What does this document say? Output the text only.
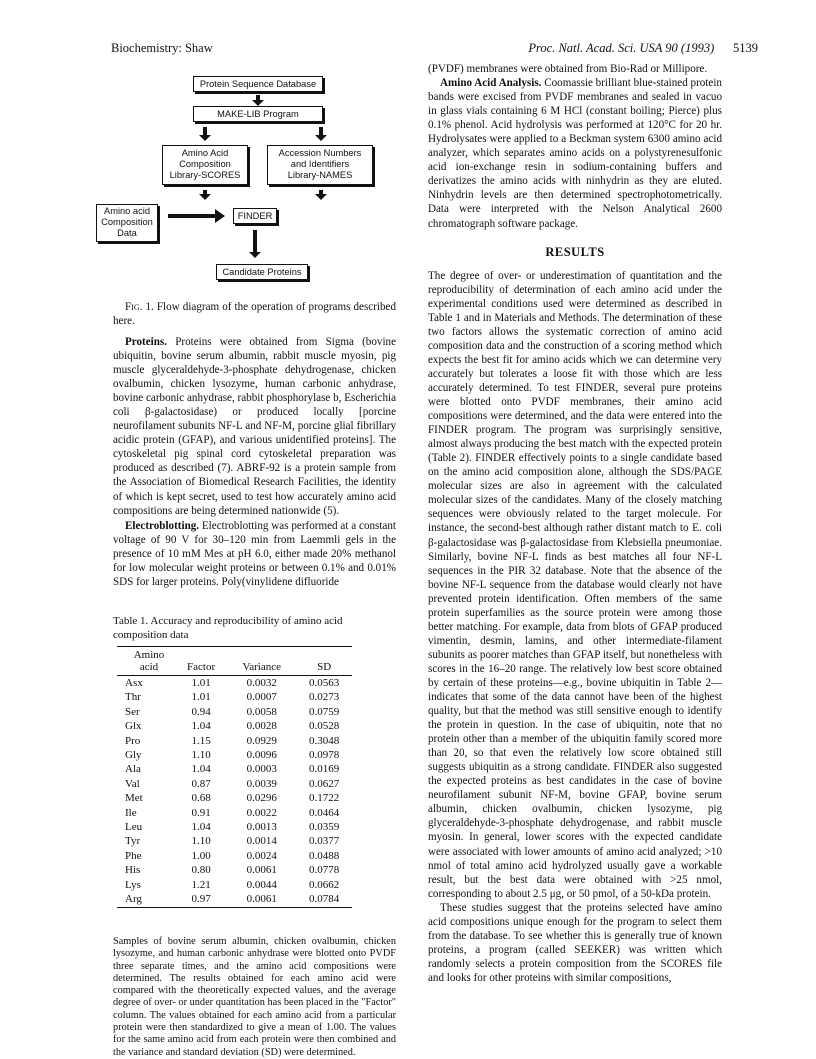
Biochemistry: Shaw	Proc. Natl. Acad. Sci. USA 90 (1993) 5139
Protein Sequence Database
MAKE-LIB Program
Amino Acid
Composition
Library-SCORES
Accession Numbers
and Identifiers
Library-NAMES
Amino acid
Composition
Data
FINDER
Candidate Proteins

Fig. 1. Flow diagram of the operation of programs described here.

Proteins. Proteins were obtained from Sigma (bovine ubiquitin, bovine serum albumin, rabbit muscle myosin, pig muscle glyceraldehyde-3-phosphate dehydrogenase, chicken ovalbumin, chicken lysozyme, human carbonic anhydrase, bovine carbonic anhydrase, rabbit phosphorylase b, Escherichia coli β-galactosidase) or produced locally [porcine neurofilament subunits NF-L and NF-M, porcine glial fibrillary acidic protein (GFAP), and various unidentified proteins]. The cytoskeletal pig spinal cord cytoskeletal preparation was produced as described (7). ABRF-92 is a protein sample from the Association of Biomedical Research Facilities, the identity of which is kept secret, used to test how accurately amino acid compositions are being determined nationwide (5).

Electroblotting. Electroblotting was performed at a constant voltage of 90 V for 30–120 min from Laemmli gels in the presence of 10 mM Mes at pH 6.0, either made 20% methanol for low molecular weight proteins or between 0.1% and 0.01% SDS for larger proteins. Poly(vinylidene difluoride

Table 1. Accuracy and reproducibility of amino acid composition data
Amino acid	Factor	Variance	SD
Asx	1.01	0.0032	0.0563
Thr	1.01	0.0007	0.0273
Ser	0.94	0.0058	0.0759
Glx	1.04	0.0028	0.0528
Pro	1.15	0.0929	0.3048
Gly	1.10	0.0096	0.0978
Ala	1.04	0.0003	0.0169
Val	0.87	0.0039	0.0627
Met	0.68	0.0296	0.1722
Ile	0.91	0.0022	0.0464
Leu	1.04	0.0013	0.0359
Tyr	1.10	0.0014	0.0377
Phe	1.00	0.0024	0.0488
His	0.80	0.0061	0.0778
Lys	1.21	0.0044	0.0662
Arg	0.97	0.0061	0.0784

Samples of bovine serum albumin, chicken ovalbumin, chicken lysozyme, and human carbonic anhydrase were blotted onto PVDF three separate times, and the amino acid compositions were determined. The results obtained for each amino acid were compared with the theoretically expected values, and the average degree of over- or under quantitation has been placed in the "Factor" column. The values obtained for each amino acid from a particular protein were then standardized to give a mean of 1.00. The values for the same amino acid from each protein were then combined and the variance and standard deviation (SD) were determined.

(PVDF) membranes were obtained from Bio-Rad or Millipore.

Amino Acid Analysis. Coomassie brilliant blue-stained protein bands were excised from PVDF membranes and sealed in vacuo in glass vials containing 6 M HCl (constant boiling; Pierce) plus 0.1% phenol. Acid hydrolysis was performed at 120°C for 20 hr. Hydrolysates were applied to a Beckman system 6300 amino acid analyzer, which separates amino acids on a polystyrenesulfonic acid ion-exchange resin in sodium-containing buffers and derivatizes the amino acids with ninhydrin as they are eluted. Ninhydrin levels are then determined spectrophotometrically. Data were interpreted with the Nelson Analytical 2600 chromatograph software package.

RESULTS

The degree of over- or underestimation of quantitation and the reproducibility of determination of each amino acid under the experimental conditions used were determined as described in Table 1 and in Materials and Methods. The determination of these two factors allows the systematic correction of amino acid composition data and the construction of a scoring method which expects the best fit for amino acids which we can determine very accurately but tolerates a loose fit with those which are less accurately determined. To test FINDER, several pure proteins were blotted onto PVDF membranes, their amino acid compositions were determined, and the data were entered into the FINDER program. The program was surprisingly sensitive, almost always producing the best match with the expected protein (Table 2). FINDER effectively points to a single candidate based on the amino acid composition alone, although the SDS/PAGE molecular sizes are also in agreement with the calculated molecular sizes of the candidates. Many of the closely matching sequences were obviously related to the target molecule. For instance, the second-best although rather distant match to E. coli β-galactosidase was β-galactosidase from Klebsiella pneumoniae. Similarly, bovine NF-L finds as best matches all four NF-L sequences in the PIR 32 database. Note that the absence of the bovine NF-L sequence from the database would clearly not have prevented protein identification. Often members of the same protein superfamilies as the source protein were among those better matching. For example, data from blots of GFAP produced vimentin, desmin, lamins, and other intermediate-filament subunits as poorer matches than GFAP itself, but nonetheless with scores in the 16–20 range. The relatively low best score obtained by certain of these proteins—e.g., bovine ubiquitin in Table 2—indicates that some of the data cannot have been of the highest quality, but that the method was still sensitive enough to identify the protein in question. In the case of ubiquitin, note that no protein other than a member of the ubiquitin family scored more than 20, so that even the relatively low score obtained still suggests ubiquitin as a strong candidate. FINDER also suggested the expected proteins as best candidates in the case of bovine neurofilament subunit NF-M, bovine GFAP, bovine serum albumin, chicken ovalbumin, chicken lysozyme, pig glyceraldehyde-3-phosphate dehydrogenase, and rabbit muscle myosin. In general, lower scores with the expected candidate were associated with lower amounts of amino acid analyzed; >10 nmol of total amino acid hydrolyzed usually gave a workable result, but the best data were obtained with >25 nmol, corresponding to about 2.5 μg, or 50 pmol, of a 50-kDa protein.

These studies suggest that the proteins selected have amino acid compositions unique enough for the program to select them from the database. To see whether this is generally true of known proteins, a program (called SEEKER) was written which randomly selects a protein composition from the SCORES file and looks for other proteins with similar compositions,
